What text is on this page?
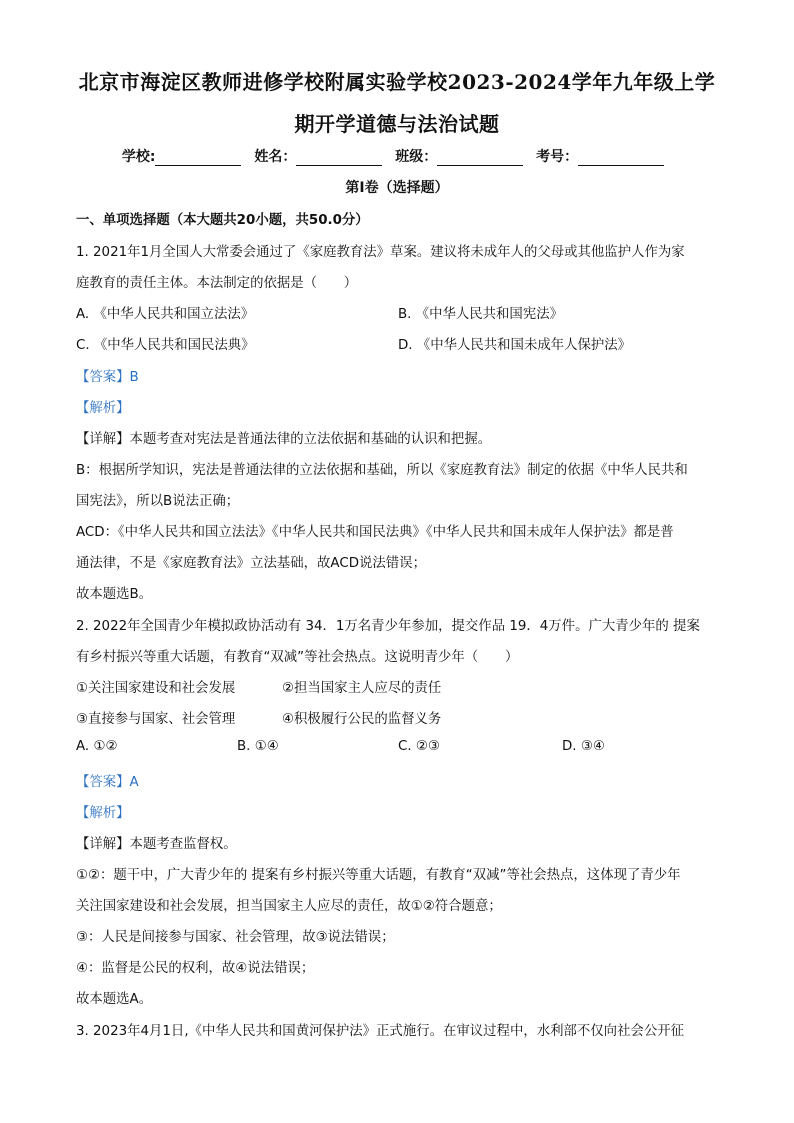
北京市海淀区教师进修学校附属实验学校2023-2024学年九年级上学
期开学道德与法治试题
学校:	姓名：	班级：	考号：
第I卷（选择题）
一、单项选择题（本大题共20小题，共50.0分）
1. 2021年1月全国人大常委会通过了《家庭教育法》草案。建议将未成年人的父母或其他监护人作为家
庭教育的责任主体。本法制定的依据是（　　）
A. 《中华人民共和国立法法》	B. 《中华人民共和国宪法》
C. 《中华人民共和国民法典》	D. 《中华人民共和国未成年人保护法》
【答案】B
【解析】
【详解】本题考查对宪法是普通法律的立法依据和基础的认识和把握。
B：根据所学知识，宪法是普通法律的立法依据和基础，所以《家庭教育法》制定的依据《中华人民共和
国宪法》，所以B说法正确；
ACD：《中华人民共和国立法法》《中华人民共和国民法典》《中华人民共和国未成年人保护法》都是普
通法律，不是《家庭教育法》立法基础，故ACD说法错误；
故本题选B。
2. 2022年全国青少年模拟政协活动有 34．1万名青少年参加，提交作品 19．4万件。广大青少年的 提案
有乡村振兴等重大话题，有教育“双减”等社会热点。这说明青少年（　　）
①关注国家建设和社会发展	②担当国家主人应尽的责任
③直接参与国家、社会管理	④积极履行公民的监督义务
A. ①②	B. ①④	C. ②③	D. ③④
【答案】A
【解析】
【详解】本题考查监督权。
①②：题干中，广大青少年的 提案有乡村振兴等重大话题，有教育“双减”等社会热点，这体现了青少年
关注国家建设和社会发展，担当国家主人应尽的责任，故①②符合题意；
③：人民是间接参与国家、社会管理，故③说法错误；
④：监督是公民的权利，故④说法错误；
故本题选A。
3. 2023年4月1日,《中华人民共和国黄河保护法》正式施行。在审议过程中，水利部不仅向社会公开征
